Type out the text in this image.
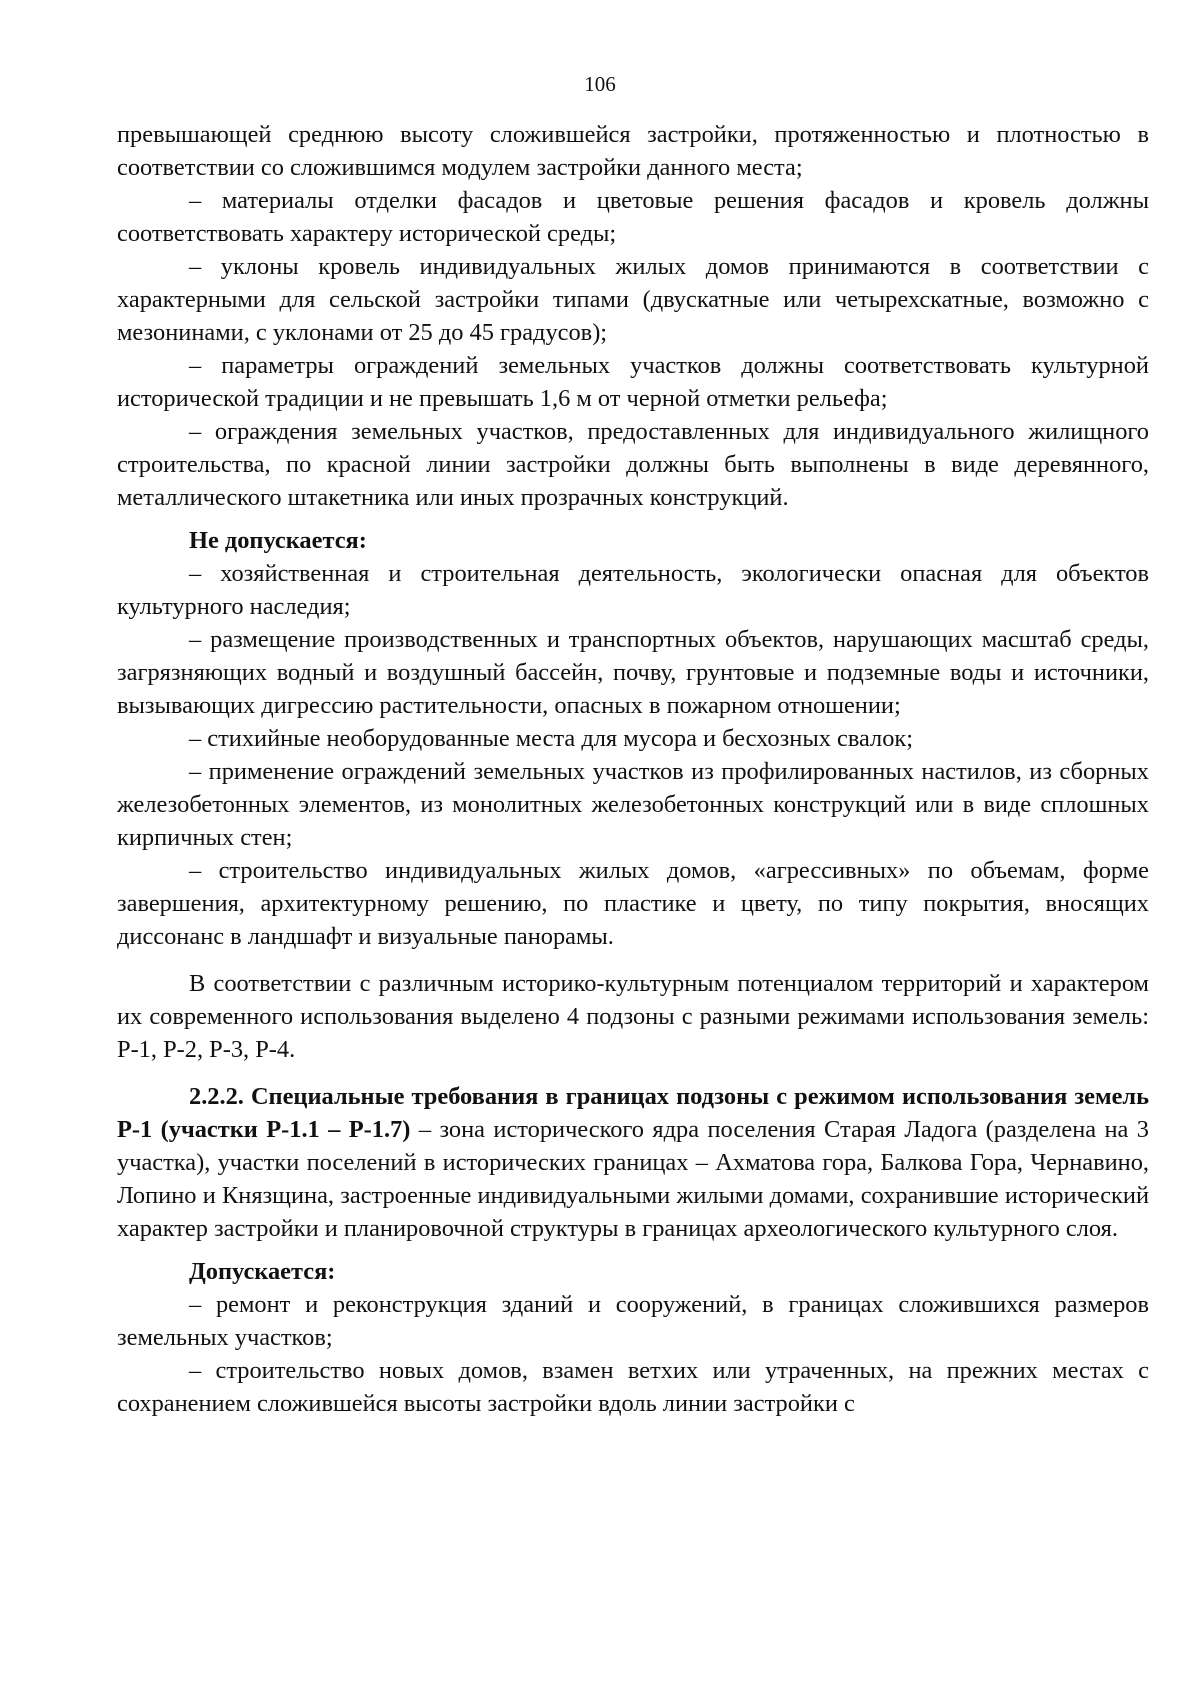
106

превышающей среднюю высоту сложившейся застройки, протяженностью и плотностью в соответствии со сложившимся модулем застройки данного места;

– материалы отделки фасадов и цветовые решения фасадов и кровель должны соответствовать характеру исторической среды;

– уклоны кровель индивидуальных жилых домов принимаются в соответствии с характерными для сельской застройки типами (двускатные или четырехскатные, возможно с мезонинами, с уклонами от 25 до 45 градусов);

– параметры ограждений земельных участков должны соответствовать культурной исторической традиции и не превышать 1,6 м от черной отметки рельефа;

– ограждения земельных участков, предоставленных для индивидуального жилищного строительства, по красной линии застройки должны быть выполнены в виде деревянного, металлического штакетника или иных прозрачных конструкций.

Не допускается:

– хозяйственная и строительная деятельность, экологически опасная для объектов культурного наследия;

– размещение производственных и транспортных объектов, нарушающих масштаб среды, загрязняющих водный и воздушный бассейн, почву, грунтовые и подземные воды и источники, вызывающих дигрессию растительности, опасных в пожарном отношении;

– стихийные необорудованные места для мусора и бесхозных свалок;

– применение ограждений земельных участков из профилированных настилов, из сборных железобетонных элементов, из монолитных железобетонных конструкций или в виде сплошных кирпичных стен;

– строительство индивидуальных жилых домов, «агрессивных» по объемам, форме завершения, архитектурному решению, по пластике и цвету, по типу покрытия, вносящих диссонанс в ландшафт и визуальные панорамы.

В соответствии с различным историко-культурным потенциалом территорий и характером их современного использования выделено 4 подзоны с разными режимами использования земель: Р-1, Р-2, Р-3, Р-4.

2.2.2. Специальные требования в границах подзоны с режимом использования земель Р-1 (участки Р-1.1 – Р-1.7) – зона исторического ядра поселения Старая Ладога (разделена на 3 участка), участки поселений в исторических границах – Ахматова гора, Балкова Гора, Чернавино, Лопино и Князщина, застроенные индивидуальными жилыми домами, сохранившие исторический характер застройки и планировочной структуры в границах археологического культурного слоя.

Допускается:

– ремонт и реконструкция зданий и сооружений, в границах сложившихся размеров земельных участков;

– строительство новых домов, взамен ветхих или утраченных, на прежних местах с сохранением сложившейся высоты застройки вдоль линии застройки с
